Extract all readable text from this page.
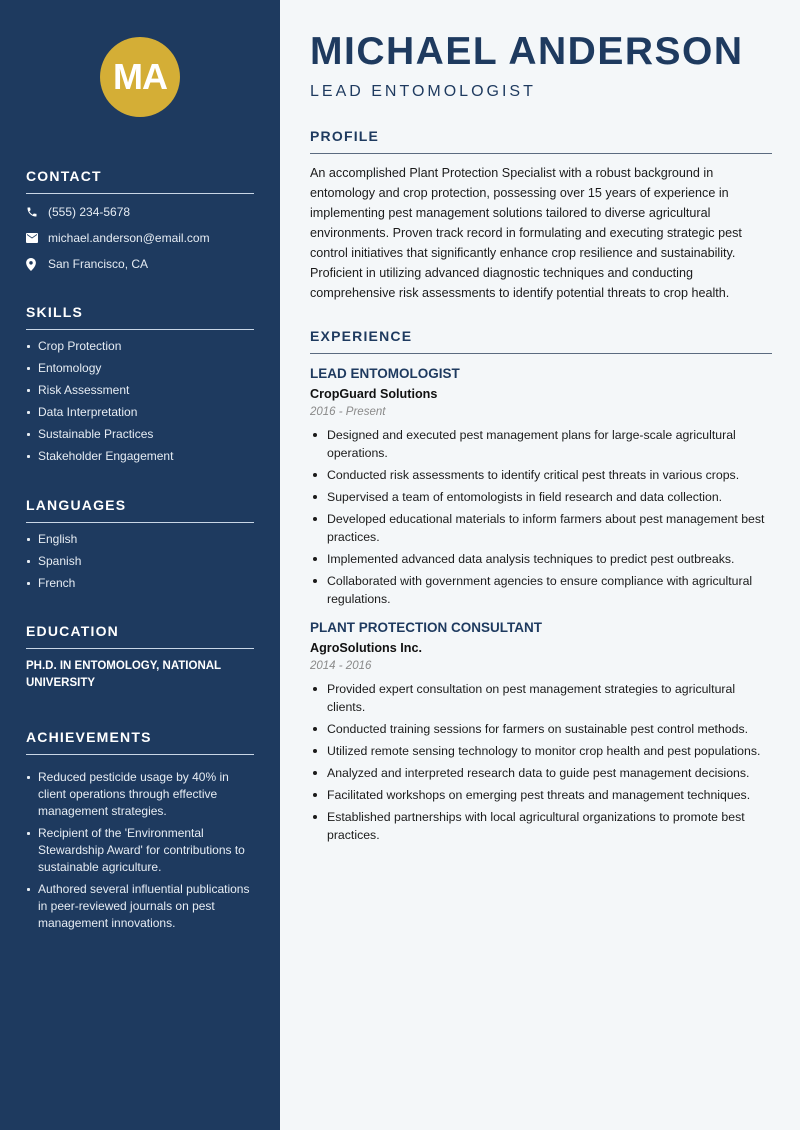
MA
CONTACT
(555) 234-5678
michael.anderson@email.com
San Francisco, CA
SKILLS
Crop Protection
Entomology
Risk Assessment
Data Interpretation
Sustainable Practices
Stakeholder Engagement
LANGUAGES
English
Spanish
French
EDUCATION
PH.D. IN ENTOMOLOGY, NATIONAL UNIVERSITY
ACHIEVEMENTS
Reduced pesticide usage by 40% in client operations through effective management strategies.
Recipient of the 'Environmental Stewardship Award' for contributions to sustainable agriculture.
Authored several influential publications in peer-reviewed journals on pest management innovations.
MICHAEL ANDERSON
LEAD ENTOMOLOGIST
PROFILE

An accomplished Plant Protection Specialist with a robust background in entomology and crop protection, possessing over 15 years of experience in implementing pest management solutions tailored to diverse agricultural environments. Proven track record in formulating and executing strategic pest control initiatives that significantly enhance crop resilience and sustainability. Proficient in utilizing advanced diagnostic techniques and conducting comprehensive risk assessments to identify potential threats to crop health.

EXPERIENCE
LEAD ENTOMOLOGIST
CropGuard Solutions
2016 - Present
Designed and executed pest management plans for large-scale agricultural operations.
Conducted risk assessments to identify critical pest threats in various crops.
Supervised a team of entomologists in field research and data collection.
Developed educational materials to inform farmers about pest management best practices.
Implemented advanced data analysis techniques to predict pest outbreaks.
Collaborated with government agencies to ensure compliance with agricultural regulations.
PLANT PROTECTION CONSULTANT
AgroSolutions Inc.
2014 - 2016
Provided expert consultation on pest management strategies to agricultural clients.
Conducted training sessions for farmers on sustainable pest control methods.
Utilized remote sensing technology to monitor crop health and pest populations.
Analyzed and interpreted research data to guide pest management decisions.
Facilitated workshops on emerging pest threats and management techniques.
Established partnerships with local agricultural organizations to promote best practices.
